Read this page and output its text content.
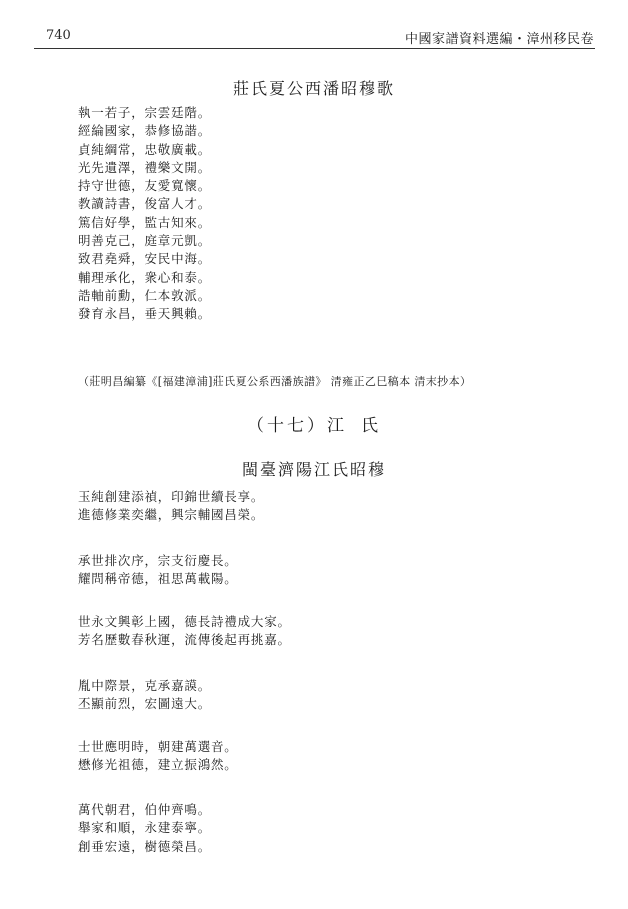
740	中國家譜資料選編・漳州移民卷
莊氏夏公西潘昭穆歌
執一若子，宗雲廷階。
經綸國家，恭修協諧。
貞純綱常，忠敬廣載。
光先遺澤，禮樂文開。
持守世德，友愛寬懷。
教讀詩書，俊富人才。
篤信好學，監古知來。
明善克己，庭章元凱。
致君堯舜，安民中海。
輔理承化，衆心和泰。
誥軸前勳，仁本敦派。
發育永昌，垂天興賴。
（莊明昌編纂《[福建漳浦]莊氏夏公系西潘族譜》 清雍正乙巳稿本 清末抄本）
（十七）江 氏
閩臺濟陽江氏昭穆
玉純創建添禎，印錦世續長享。
進德修業奕繼，興宗輔國昌榮。
承世排次序，宗支衍慶長。
耀問稱帝德，祖思萬載陽。
世永文興彰上國，德長詩禮成大家。
芳名歷數春秋運，流傳後起再挑嘉。
胤中際景，克承嘉謨。
丕顯前烈，宏圖遠大。
士世應明時，朝建萬選音。
懋修光祖德，建立振鴻然。
萬代朝君，伯仲齊鳴。
舉家和順，永建泰寧。
創垂宏遠，樹德榮昌。
